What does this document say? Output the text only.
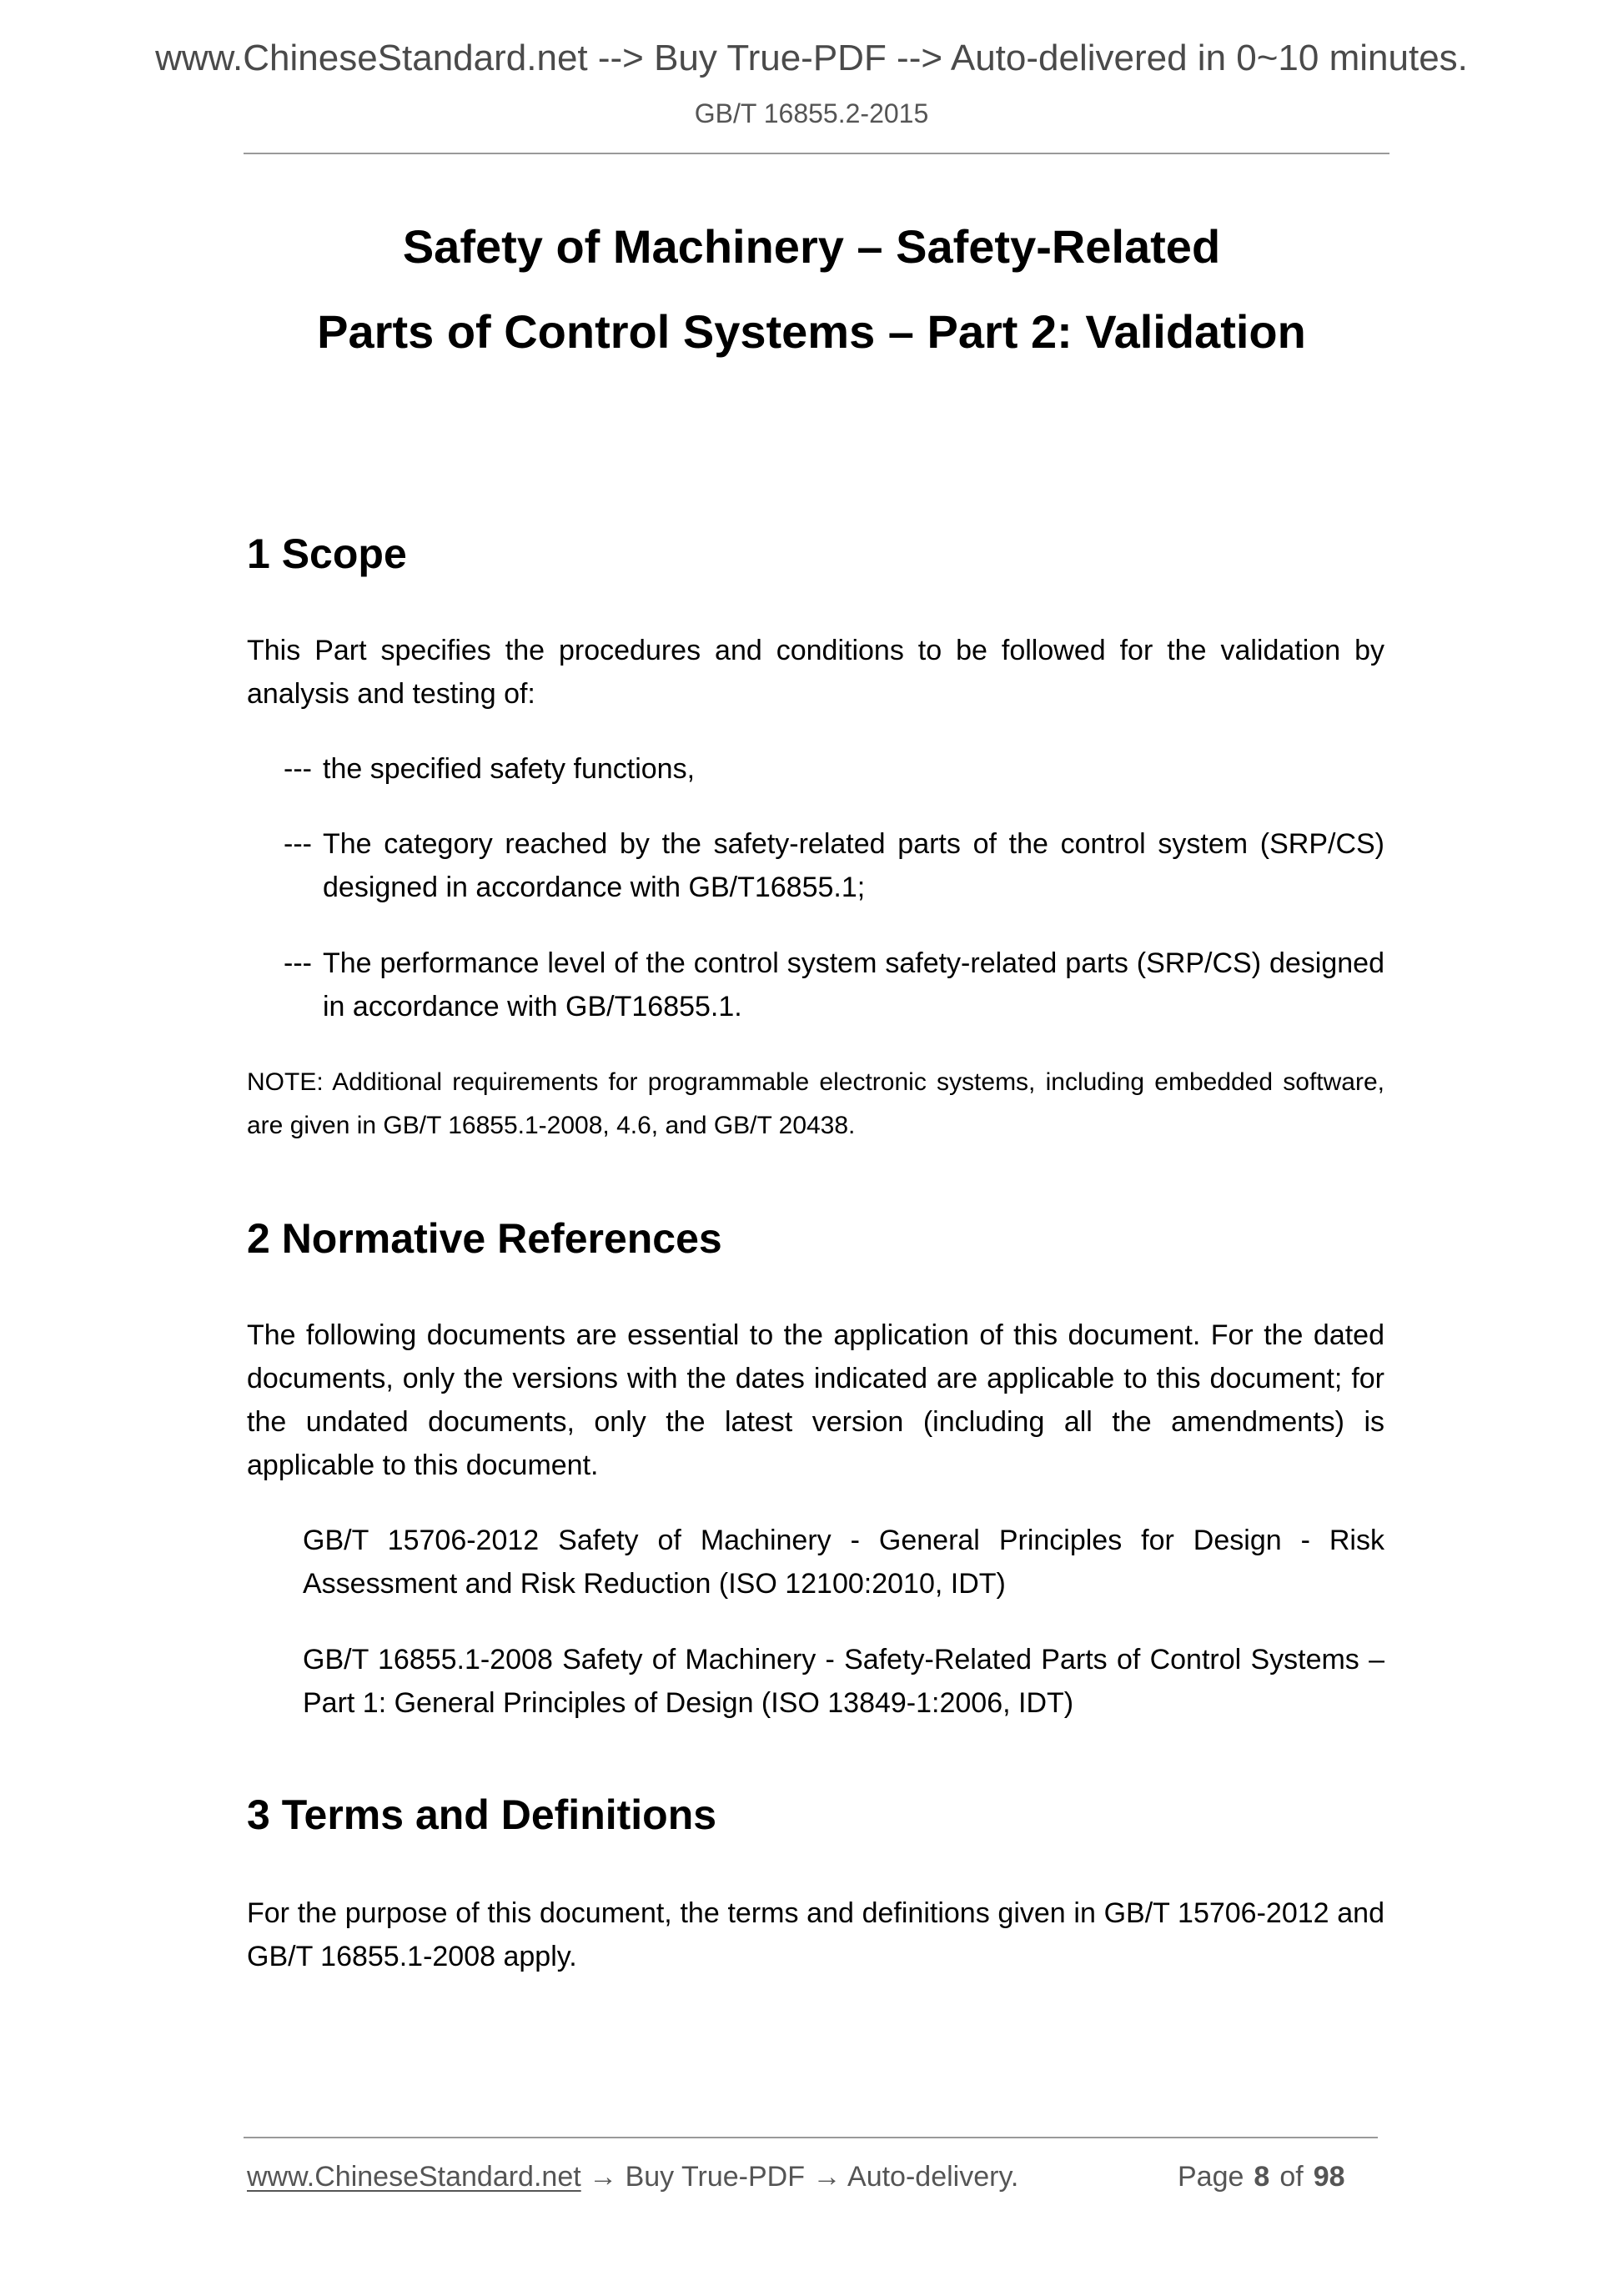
www.ChineseStandard.net --> Buy True-PDF --> Auto-delivered in 0~10 minutes.
GB/T 16855.2-2015
Safety of Machinery – Safety-Related
Parts of Control Systems – Part 2: Validation
1 Scope
This Part specifies the procedures and conditions to be followed for the validation by analysis and testing of:
--- the specified safety functions,
--- The category reached by the safety-related parts of the control system (SRP/CS) designed in accordance with GB/T16855.1;
--- The performance level of the control system safety-related parts (SRP/CS) designed in accordance with GB/T16855.1.
NOTE: Additional requirements for programmable electronic systems, including embedded software, are given in GB/T 16855.1-2008, 4.6, and GB/T 20438.
2 Normative References
The following documents are essential to the application of this document. For the dated documents, only the versions with the dates indicated are applicable to this document; for the undated documents, only the latest version (including all the amendments) is applicable to this document.
GB/T 15706-2012 Safety of Machinery - General Principles for Design - Risk Assessment and Risk Reduction (ISO 12100:2010, IDT)
GB/T 16855.1-2008 Safety of Machinery - Safety-Related Parts of Control Systems – Part 1: General Principles of Design (ISO 13849-1:2006, IDT)
3 Terms and Definitions
For the purpose of this document, the terms and definitions given in GB/T 15706-2012 and GB/T 16855.1-2008 apply.
www.ChineseStandard.net → Buy True-PDF → Auto-delivery.	Page 8 of 98
